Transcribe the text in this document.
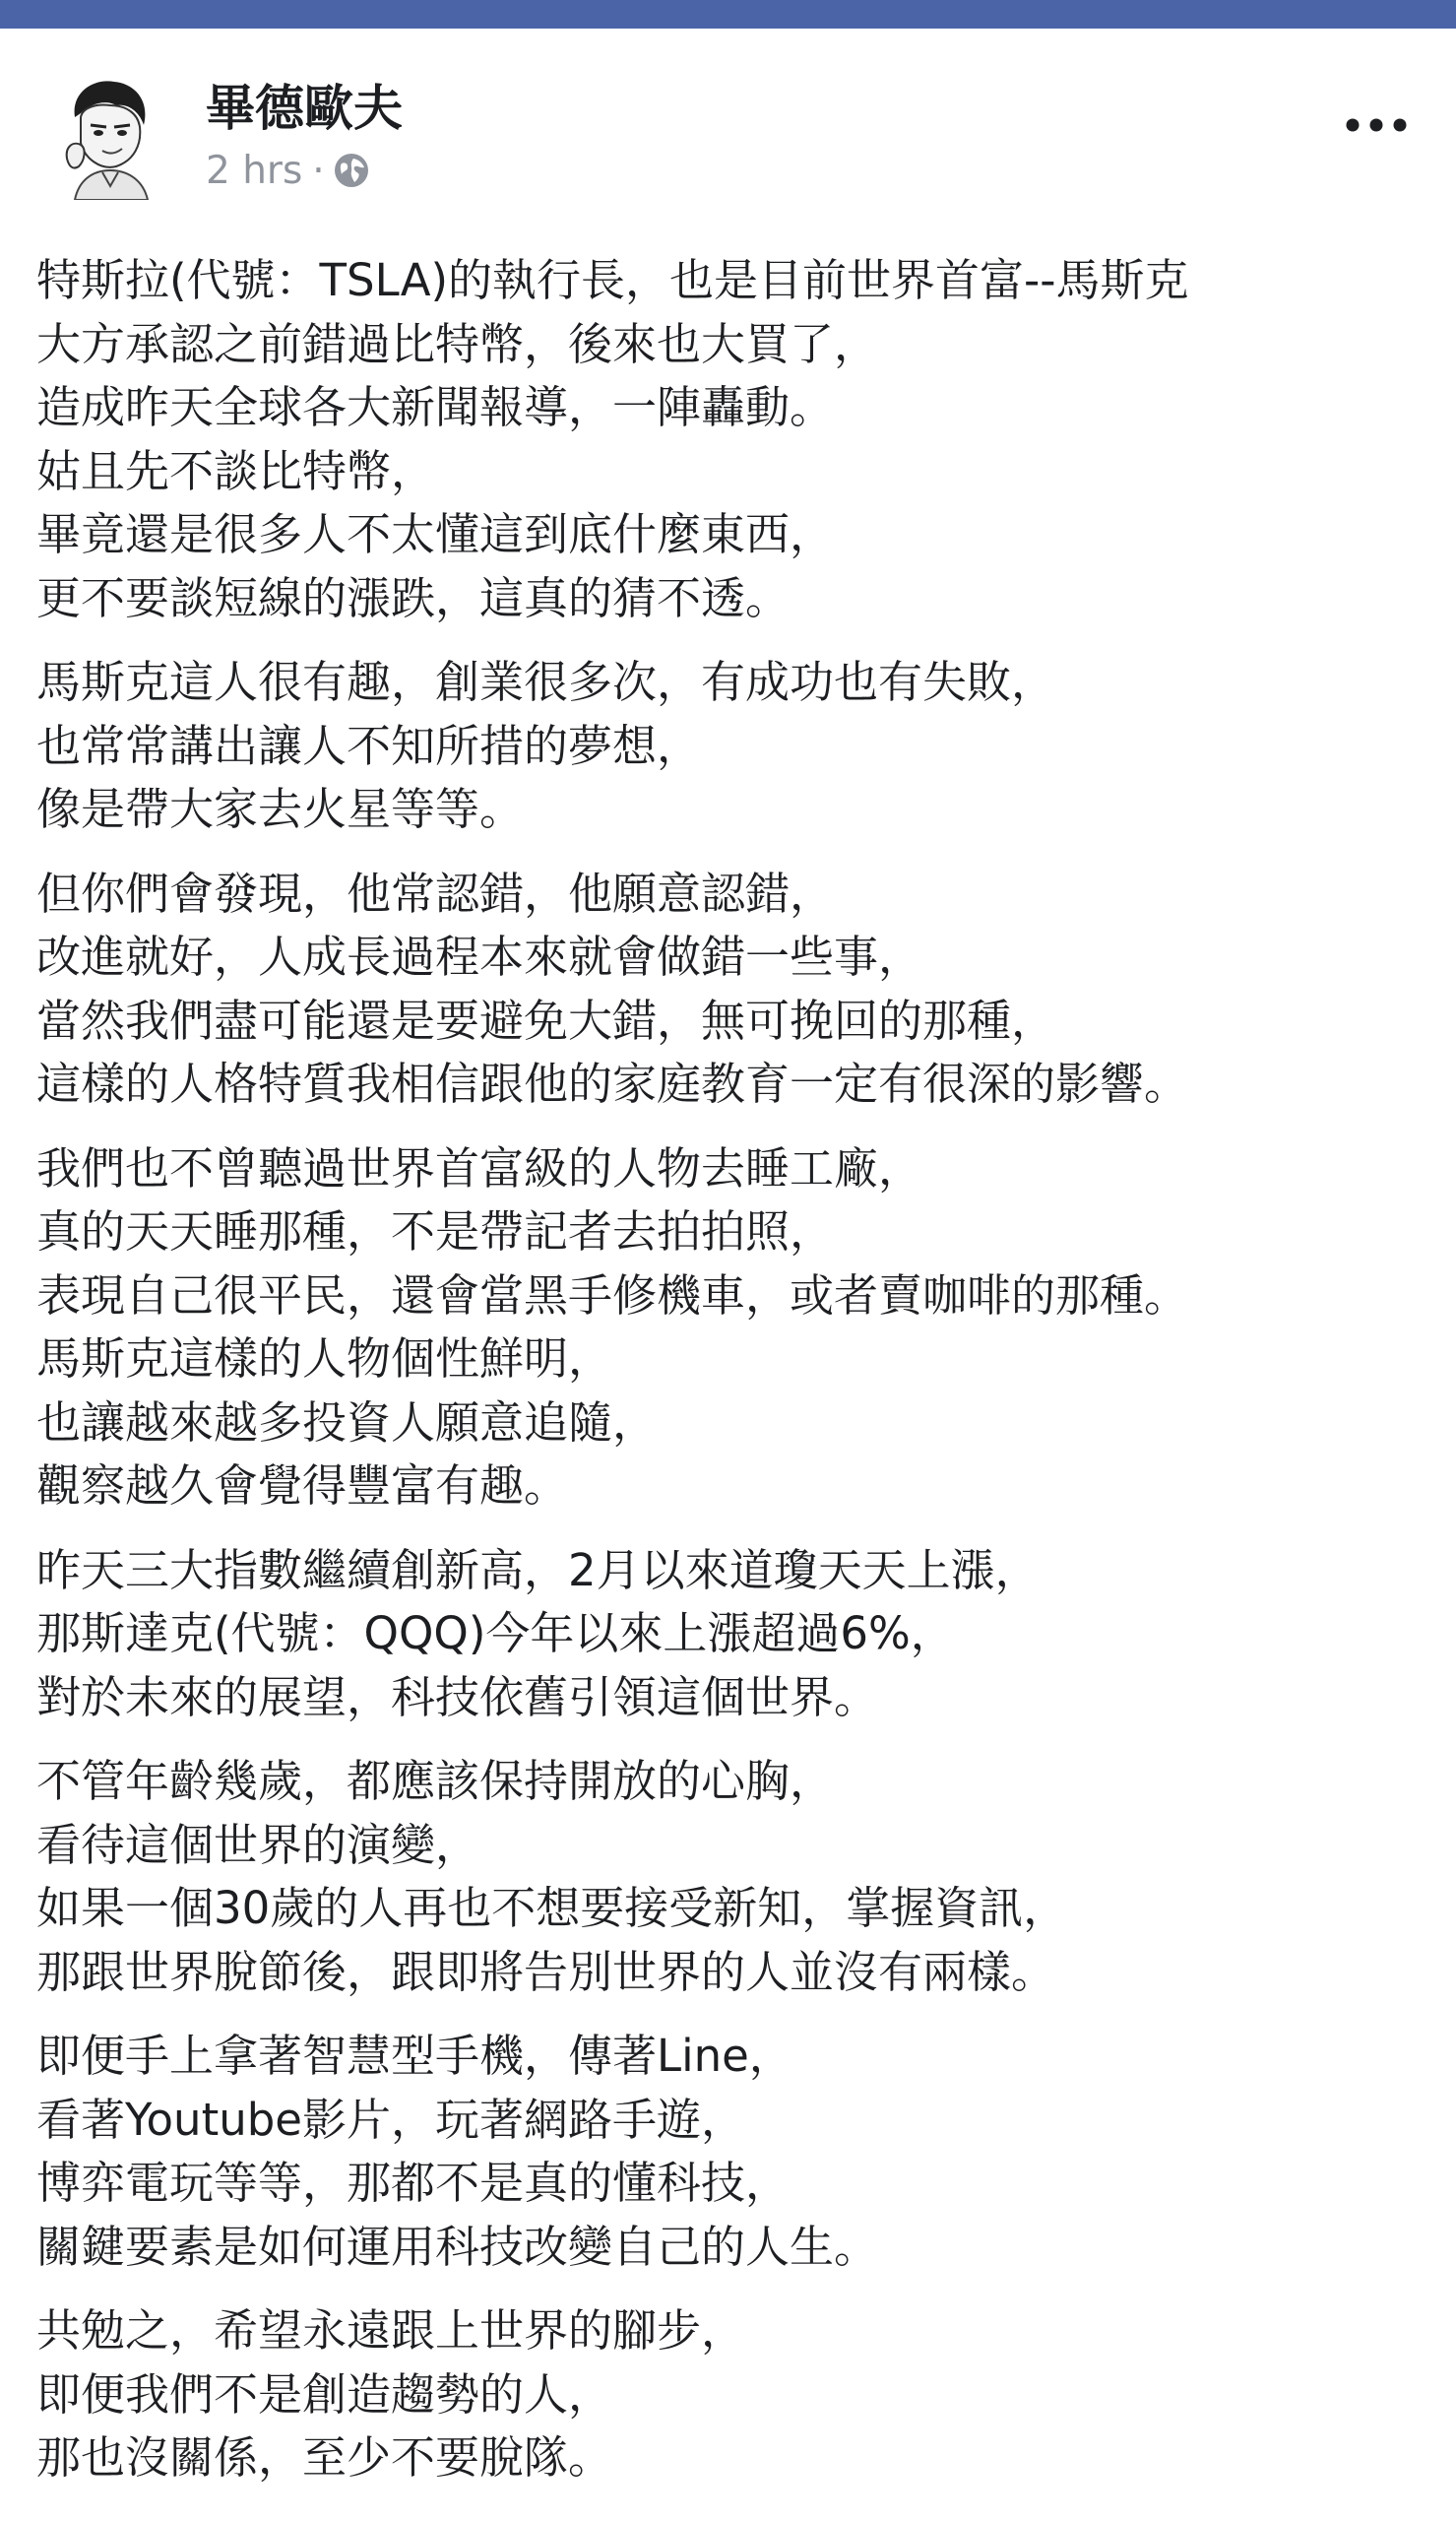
畢德歐夫
2 hrs ·
特斯拉(代號：TSLA)的執行長，也是目前世界首富--馬斯克
大方承認之前錯過比特幣，後來也大買了，
造成昨天全球各大新聞報導，一陣轟動。
姑且先不談比特幣，
畢竟還是很多人不太懂這到底什麼東西，
更不要談短線的漲跌，這真的猜不透。
馬斯克這人很有趣，創業很多次，有成功也有失敗，
也常常講出讓人不知所措的夢想，
像是帶大家去火星等等。
但你們會發現，他常認錯，他願意認錯，
改進就好，人成長過程本來就會做錯一些事，
當然我們盡可能還是要避免大錯，無可挽回的那種，
這樣的人格特質我相信跟他的家庭教育一定有很深的影響。
我們也不曾聽過世界首富級的人物去睡工廠，
真的天天睡那種，不是帶記者去拍拍照，
表現自己很平民，還會當黑手修機車，或者賣咖啡的那種。
馬斯克這樣的人物個性鮮明，
也讓越來越多投資人願意追隨，
觀察越久會覺得豐富有趣。
昨天三大指數繼續創新高，2月以來道瓊天天上漲，
那斯達克(代號：QQQ)今年以來上漲超過6%，
對於未來的展望，科技依舊引領這個世界。
不管年齡幾歲，都應該保持開放的心胸，
看待這個世界的演變，
如果一個30歲的人再也不想要接受新知，掌握資訊，
那跟世界脫節後，跟即將告別世界的人並沒有兩樣。
即便手上拿著智慧型手機，傳著Line，
看著Youtube影片，玩著網路手遊，
博弈電玩等等，那都不是真的懂科技，
關鍵要素是如何運用科技改變自己的人生。
共勉之，希望永遠跟上世界的腳步，
即便我們不是創造趨勢的人，
那也沒關係，至少不要脫隊。
